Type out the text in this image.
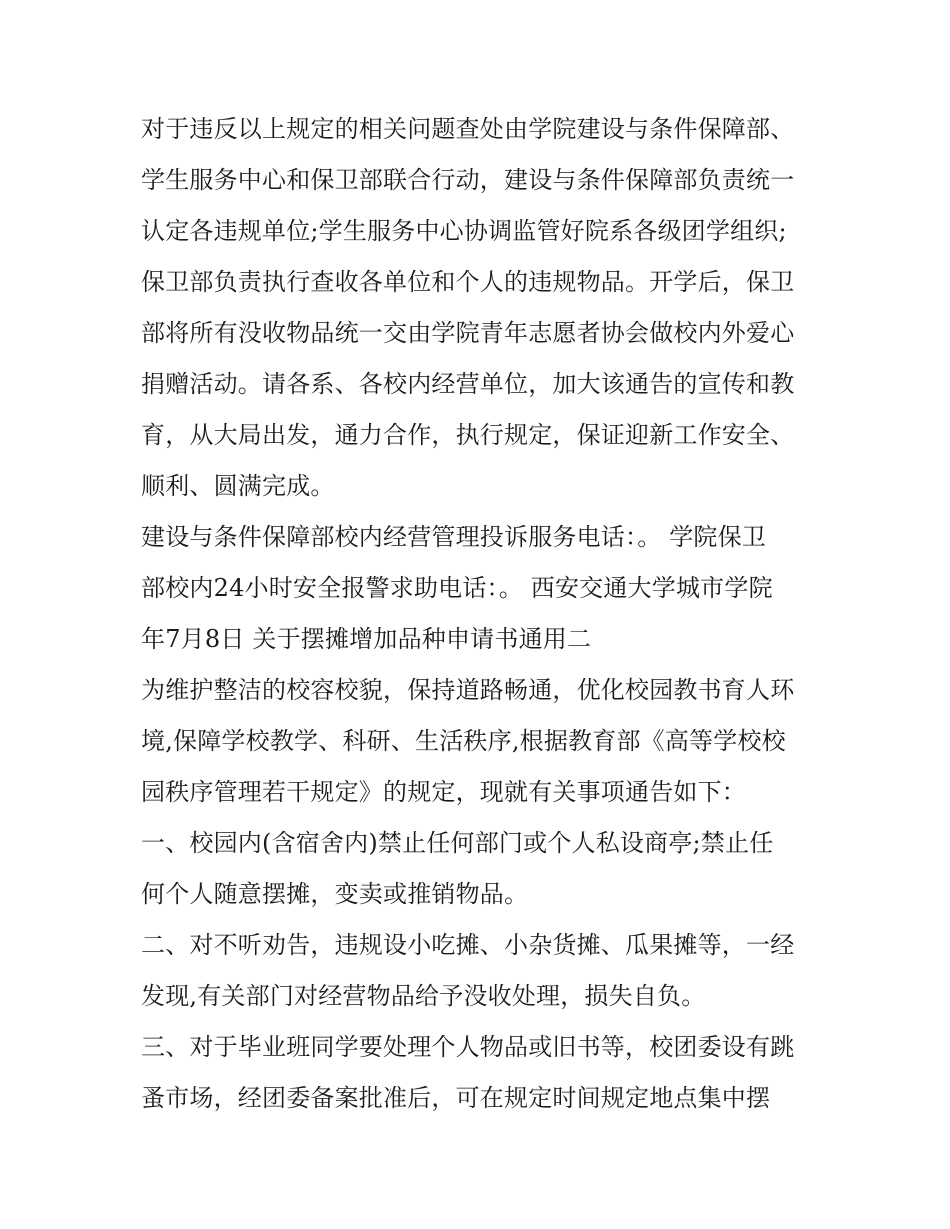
对于违反以上规定的相关问题查处由学院建设与条件保障部、

学生服务中心和保卫部联合行动，建设与条件保障部负责统一

认定各违规单位;学生服务中心协调监管好院系各级团学组织;

保卫部负责执行查收各单位和个人的违规物品。开学后，保卫

部将所有没收物品统一交由学院青年志愿者协会做校内外爱心

捐赠活动。请各系、各校内经营单位，加大该通告的宣传和教

育，从大局出发，通力合作，执行规定，保证迎新工作安全、

顺利、圆满完成。

建设与条件保障部校内经营管理投诉服务电话：。 学院保卫

部校内24小时安全报警求助电话：。 西安交通大学城市学院

年7月8日 关于摆摊增加品种申请书通用二

为维护整洁的校容校貌，保持道路畅通，优化校园教书育人环

境,保障学校教学、科研、生活秩序,根据教育部《高等学校校

园秩序管理若干规定》的规定，现就有关事项通告如下：

一、校园内(含宿舍内)禁止任何部门或个人私设商亭;禁止任

何个人随意摆摊，变卖或推销物品。

二、对不听劝告，违规设小吃摊、小杂货摊、瓜果摊等，一经

发现,有关部门对经营物品给予没收处理，损失自负。

三、对于毕业班同学要处理个人物品或旧书等，校团委设有跳

蚤市场，经团委备案批准后，可在规定时间规定地点集中摆
